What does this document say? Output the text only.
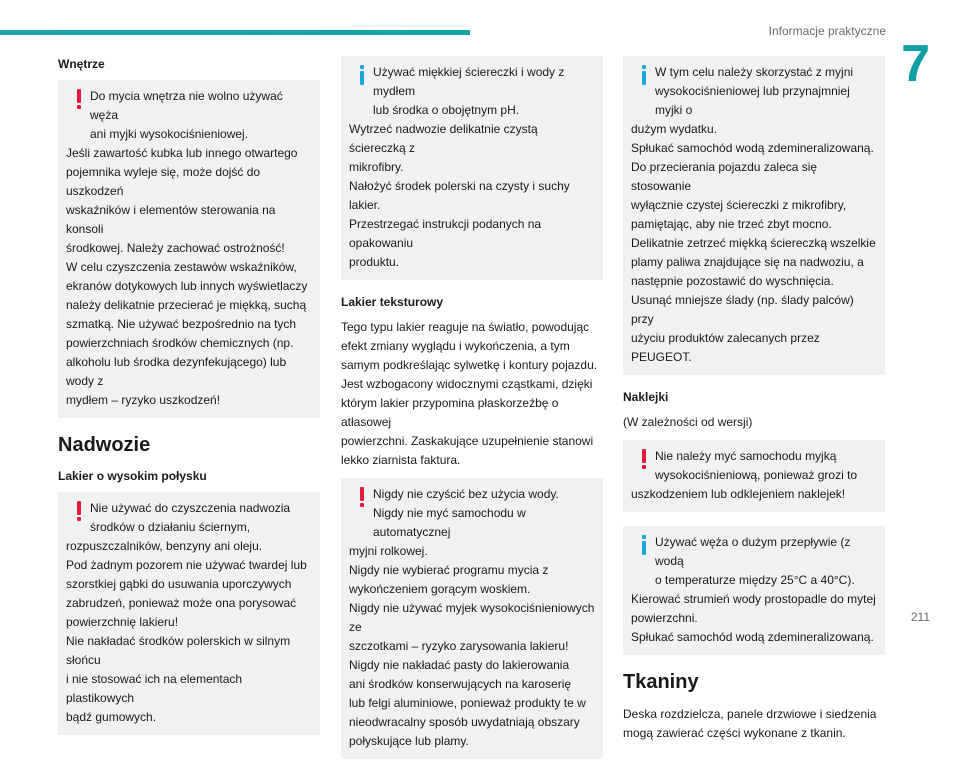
Informacje praktyczne
7
Wnętrze
Do mycia wnętrza nie wolno używać węża
ani myjki wysokociśnieniowej.
Jeśli zawartość kubka lub innego otwartego
pojemnika wyleje się, może dojść do uszkodzeń
wskaźników i elementów sterowania na konsoli
środkowej. Należy zachować ostrożność!
W celu czyszczenia zestawów wskaźników,
ekranów dotykowych lub innych wyświetlaczy
należy delikatnie przecierać je miękką, suchą
szmatką. Nie używać bezpośrednio na tych
powierzchniach środków chemicznych (np.
alkoholu lub środka dezynfekującego) lub wody z
mydłem – ryzyko uszkodzeń!
Nadwozie
Lakier o wysokim połysku
Nie używać do czyszczenia nadwozia
środków o działaniu ściernym,
rozpuszczalników, benzyny ani oleju.
Pod żadnym pozorem nie używać twardej lub
szorstkiej gąbki do usuwania uporczywych
zabrudzeń, ponieważ może ona porysować
powierzchnię lakieru!
Nie nakładać środków polerskich w silnym słońcu
i nie stosować ich na elementach plastikowych
bądź gumowych.
Używać miękkiej ściereczki i wody z mydłem
lub środka o obojętnym pH.
Wytrzeć nadwozie delikatnie czystą ściereczką z
mikrofibry.
Nałożyć środek polerski na czysty i suchy lakier.
Przestrzegać instrukcji podanych na opakowaniu
produktu.
Lakier teksturowy
Tego typu lakier reaguje na światło, powodując
efekt zmiany wyglądu i wykończenia, a tym
samym podkreślając sylwetkę i kontury pojazdu.
Jest wzbogacony widocznymi cząstkami, dzięki
którym lakier przypomina płaskorzeźbę o atłasowej
powierzchni. Zaskakujące uzupełnienie stanowi
lekko ziarnista faktura.
Nigdy nie czyścić bez użycia wody.
Nigdy nie myć samochodu w automatycznej
myjni rolkowej.
Nigdy nie wybierać programu mycia z
wykończeniem gorącym woskiem.
Nigdy nie używać myjek wysokociśnieniowych ze
szczotkami – ryzyko zarysowania lakieru!
Nigdy nie nakładać pasty do lakierowania
ani środków konserwujących na karoserię
lub felgi aluminiowe, ponieważ produkty te w
nieodwracalny sposób uwydatniają obszary
połyskujące lub plamy.
W tym celu należy skorzystać z myjni
wysokociśnieniowej lub przynajmniej myjki o
dużym wydatku.
Spłukać samochód wodą zdemineralizowaną.
Do przecierania pojazdu zaleca się stosowanie
wyłącznie czystej ściereczki z mikrofibry,
pamiętając, aby nie trzeć zbyt mocno.
Delikatnie zetrzeć miękką ściereczką wszelkie
plamy paliwa znajdujące się na nadwoziu, a
następnie pozostawić do wyschnięcia.
Usunąć mniejsze ślady (np. ślady palców) przy
użyciu produktów zalecanych przez PEUGEOT.
Naklejki
(W zależności od wersji)
Nie należy myć samochodu myjką
wysokociśnieniową, ponieważ grozi to
uszkodzeniem lub odklejeniem naklejek!
Używać węża o dużym przepływie (z wodą
o temperaturze między 25°C a 40°C).
Kierować strumień wody prostopadle do mytej
powierzchni.
Spłukać samochód wodą zdemineralizowaną.
Tkaniny
Deska rozdzielcza, panele drzwiowe i siedzenia
mogą zawierać części wykonane z tkanin.
211
